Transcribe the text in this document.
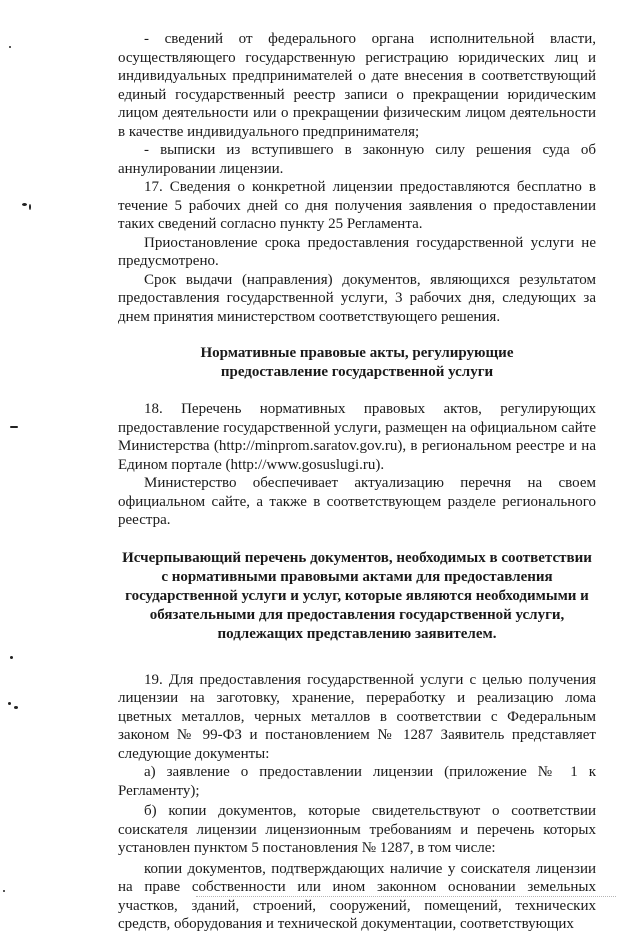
- сведений от федерального органа исполнительной власти, осуществляющего государственную регистрацию юридических лиц и индивидуальных предпринимателей о дате внесения в соответствующий единый государственный реестр записи о прекращении юридическим лицом деятельности или о прекращении физическим лицом деятельности в качестве индивидуального предпринимателя;

- выписки из вступившего в законную силу решения суда об аннулировании лицензии.

17. Сведения о конкретной лицензии предоставляются бесплатно в течение 5 рабочих дней со дня получения заявления о предоставлении таких сведений согласно пункту 25 Регламента.

Приостановление срока предоставления государственной услуги не предусмотрено.

Срок выдачи (направления) документов, являющихся результатом предоставления государственной услуги, 3 рабочих дня, следующих за днем принятия министерством соответствующего решения.

Нормативные правовые акты, регулирующие предоставление государственной услуги

18. Перечень нормативных правовых актов, регулирующих предоставление государственной услуги, размещен на официальном сайте Министерства (http://minprom.saratov.gov.ru), в региональном реестре и на Едином портале (http://www.gosuslugi.ru).

Министерство обеспечивает актуализацию перечня на своем официальном сайте, а также в соответствующем разделе регионального реестра.

Исчерпывающий перечень документов, необходимых в соответствии с нормативными правовыми актами для предоставления государственной услуги и услуг, которые являются необходимыми и обязательными для предоставления государственной услуги, подлежащих представлению заявителем.

19. Для предоставления государственной услуги с целью получения лицензии на заготовку, хранение, переработку и реализацию лома цветных металлов, черных металлов в соответствии с Федеральным законом № 99-ФЗ и постановлением № 1287 Заявитель представляет следующие документы:

а) заявление о предоставлении лицензии (приложение № 1 к Регламенту);

б) копии документов, которые свидетельствуют о соответствии соискателя лицензии лицензионным требованиям и перечень которых установлен пунктом 5 постановления № 1287, в том числе:

копии документов, подтверждающих наличие у соискателя лицензии на праве собственности или ином законном основании земельных участков, зданий, строений, сооружений, помещений, технических средств, оборудования и технической документации, соответствующих
